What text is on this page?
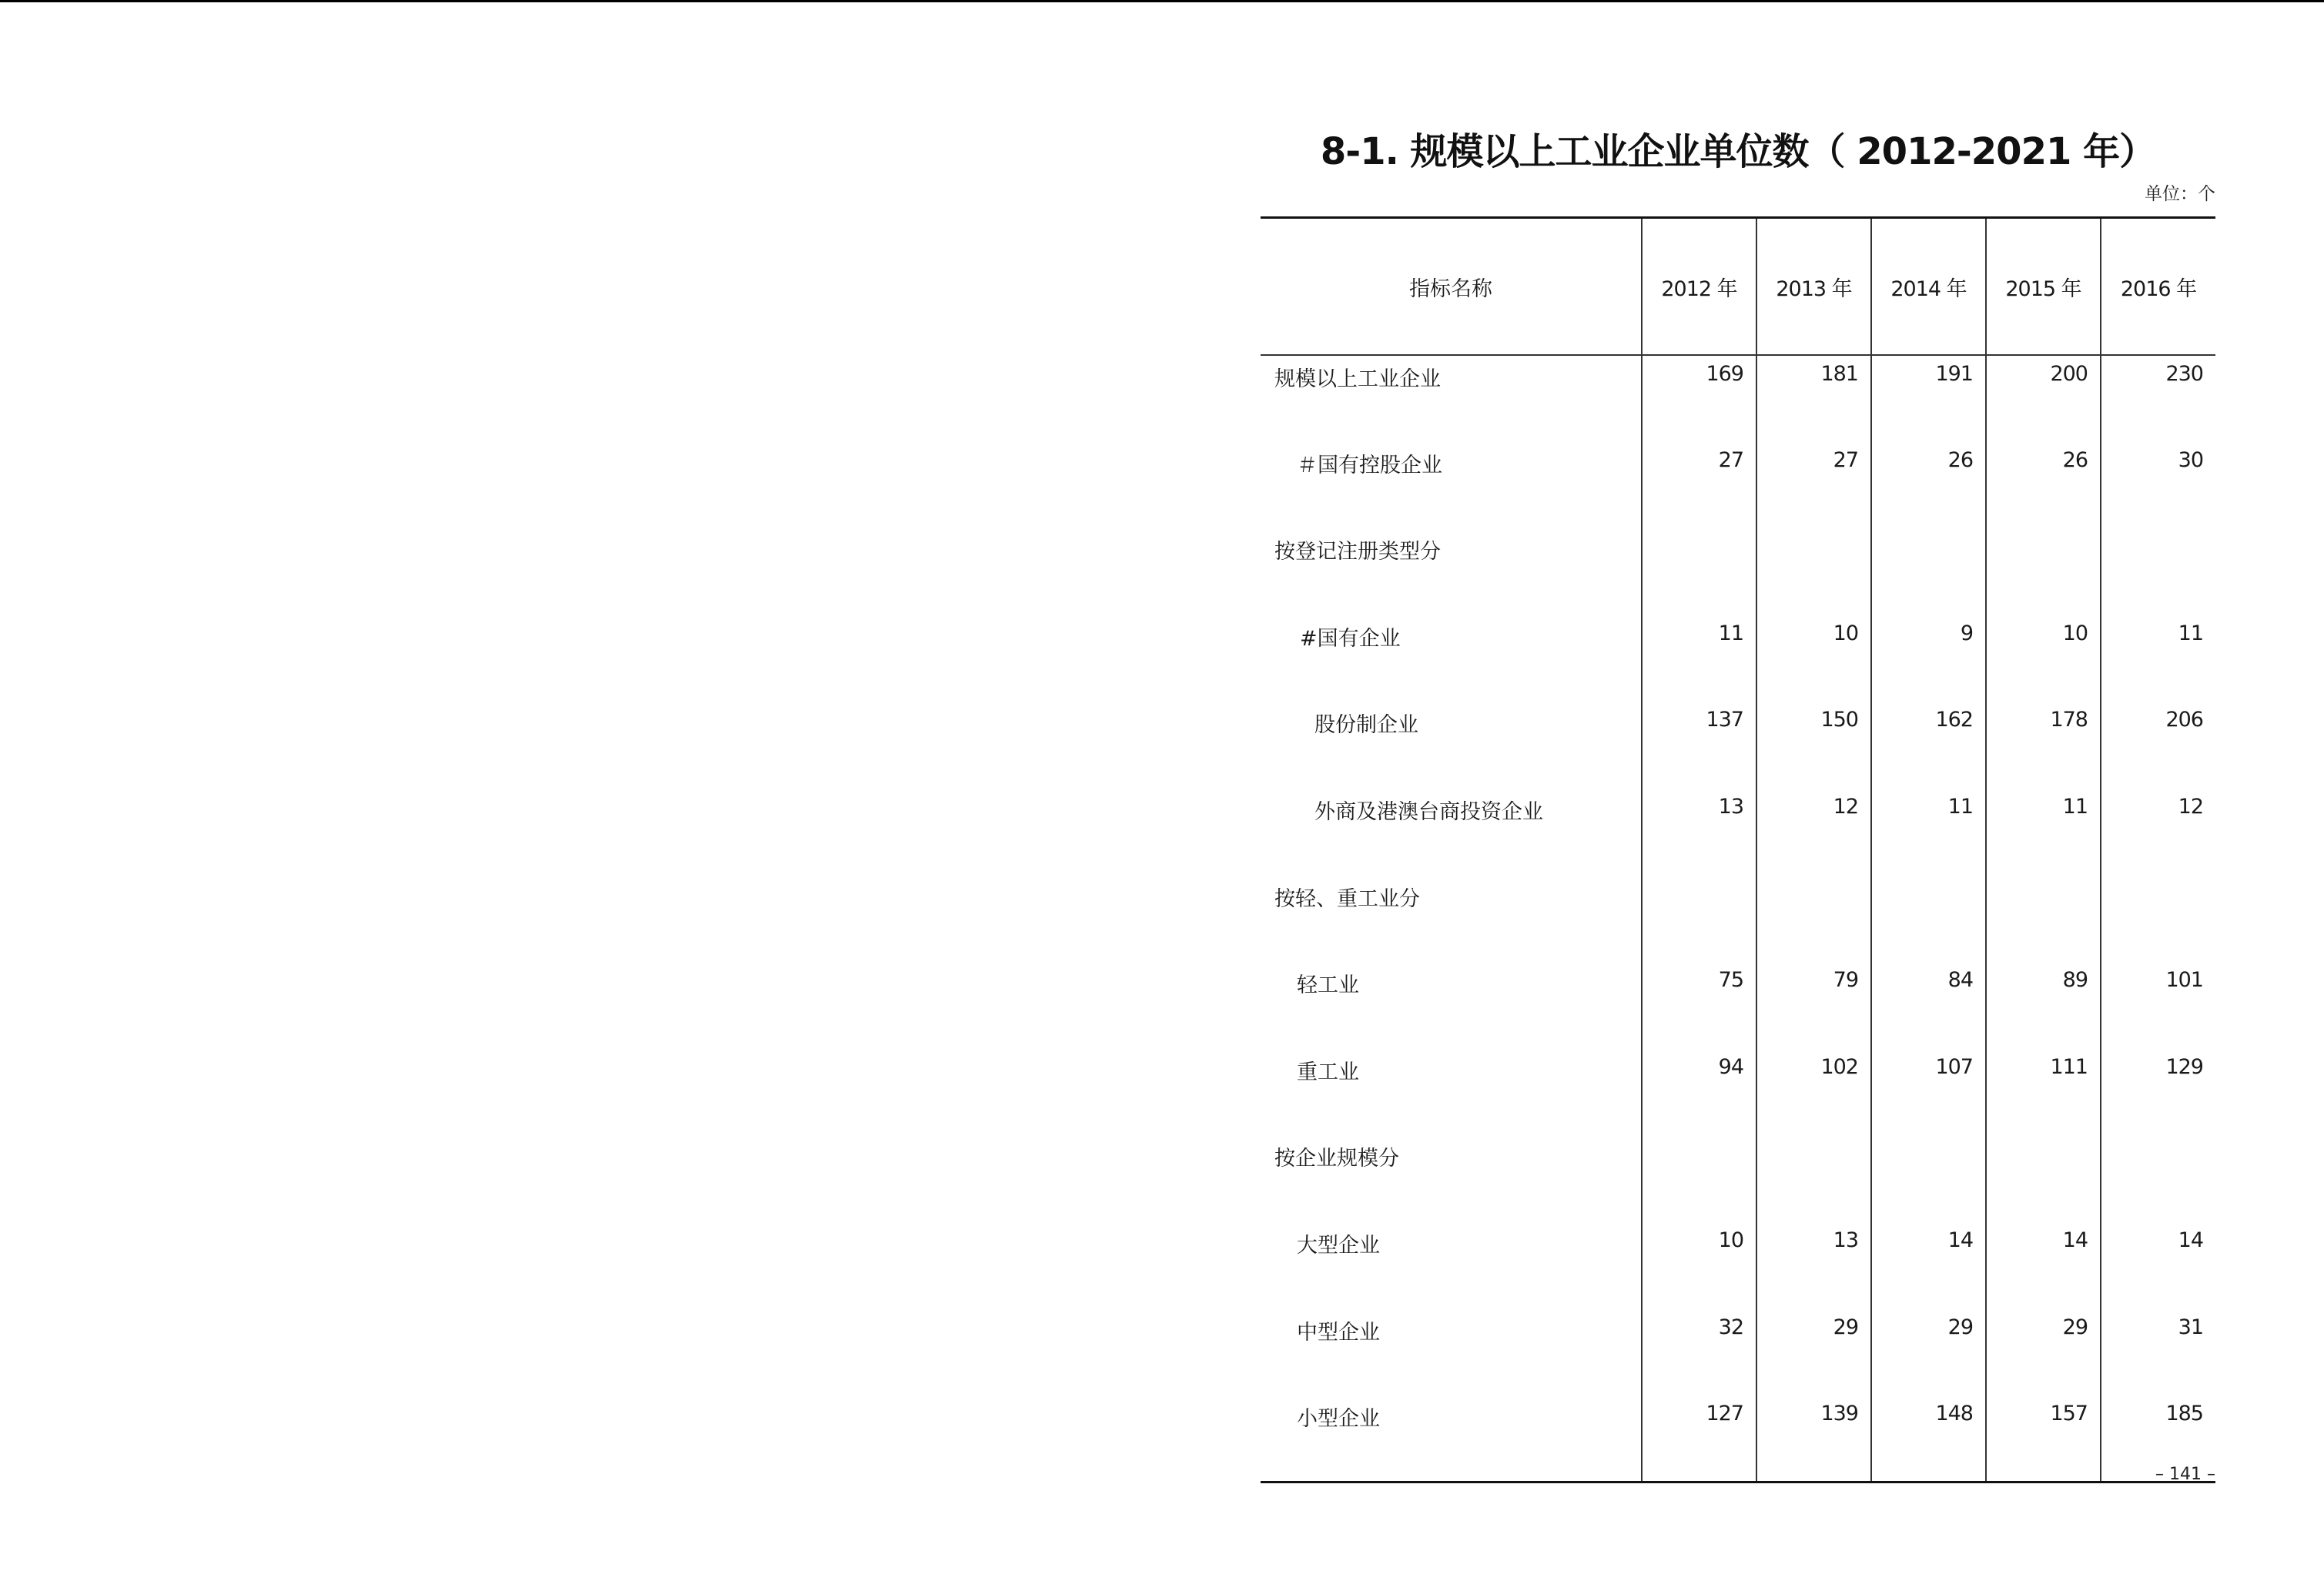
8-1. 规模以上工业企业单位数（ 2012-2021 年）
单位：个
指标名称	2012 年	2013 年	2014 年	2015 年	2016 年
规模以上工业企业	169	181	191	200	230
＃国有控股企业	27	27	26	26	30
按登记注册类型分					
#国有企业	11	10	9	10	11
股份制企业	137	150	162	178	206
外商及港澳台商投资企业	13	12	11	11	12
按轻、重工业分					
轻工业	75	79	84	89	101
重工业	94	102	107	111	129
按企业规模分					
大型企业	10	13	14	14	14
中型企业	32	29	29	29	31
小型企业	127	139	148	157	185
– 141 –
